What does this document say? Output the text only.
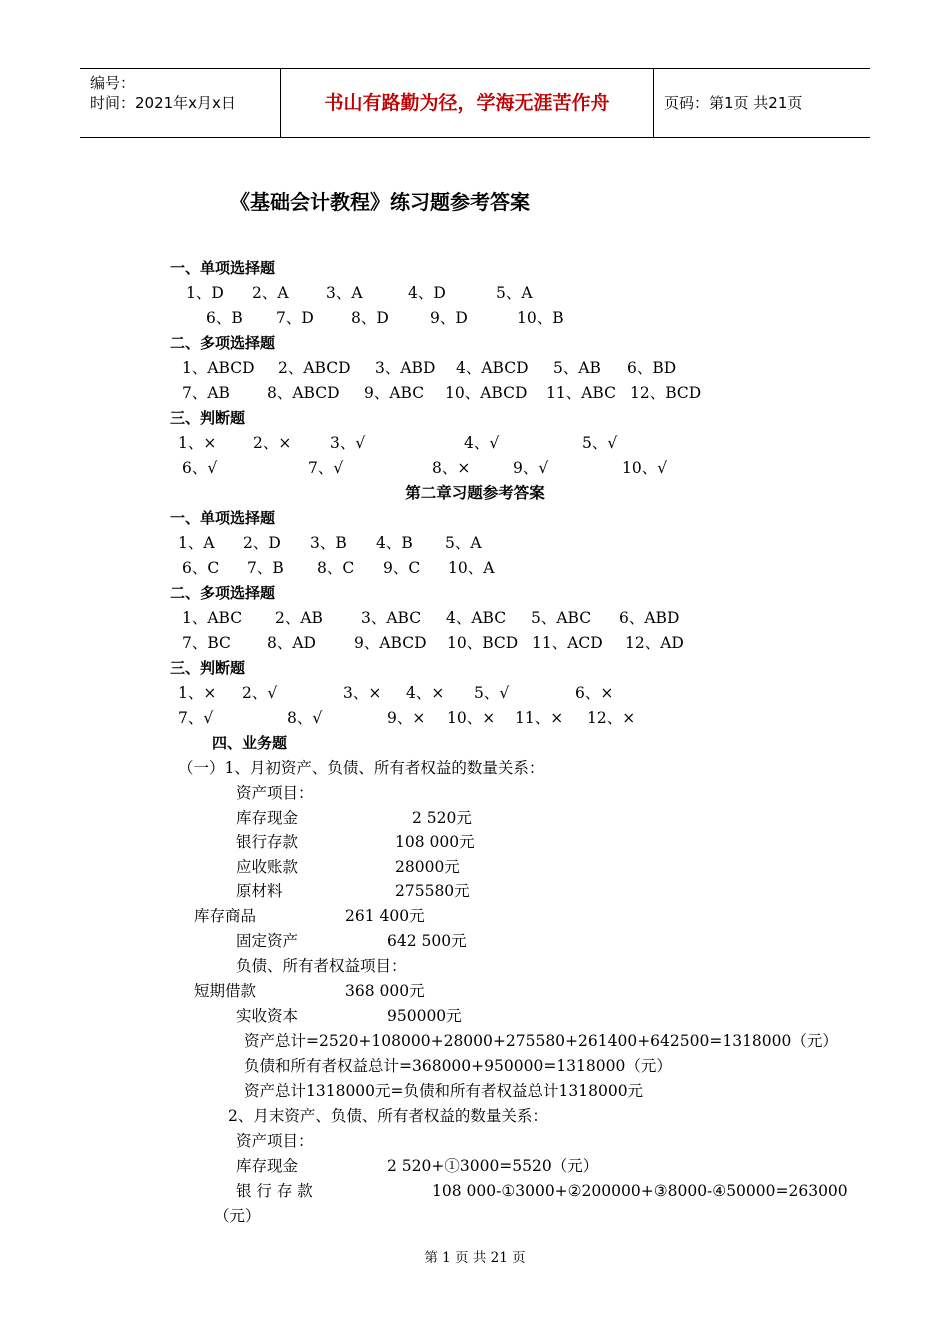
编号：
时间：2021年x月x日	书山有路勤为径，学海无涯苦作舟	页码：第1页 共21页
《基础会计教程》练习题参考答案
一、单项选择题
1、D 2、A 3、A	4、D	5、A
6、B 7、D 8、D	9、D	10、B
二、多项选择题
1、ABCD 2、ABCD 3、ABD 4、ABCD 5、AB 6、BD
7、AB 8、ABCD 9、ABC 10、ABCD 11、ABC 12、BCD
三、判断题
1、× 2、× 3、√	4、√	5、√
6、√	7、√	8、×	9、√	10、√
第二章习题参考答案
一、单项选择题
1、A 2、D 3、B 4、B 5、A
6、C 7、B 8、C 9、C 10、A
二、多项选择题
1、ABC 2、AB 3、ABC 4、ABC 5、ABC 6、ABD
7、BC 8、AD 9、ABCD 10、BCD 11、ACD 12、AD
三、判断题
1、× 2、√	3、× 4、× 5、√	6、×
7、√	8、√	9、× 10、× 11、× 12、×
四、业务题
（一）1、月初资产、负债、所有者权益的数量关系：
资产项目：
库存现金	2 520元
银行存款	108 000元
应收账款	28000元
原材料	275580元
库存商品	261 400元
固定资产	642 500元
负债、所有者权益项目：
短期借款	368 000元
实收资本	950000元
资产总计=2520+108000+28000+275580+261400+642500=1318000（元）
负债和所有者权益总计=368000+950000=1318000（元）
资产总计1318000元=负债和所有者权益总计1318000元
2、月末资产、负债、所有者权益的数量关系：
资产项目：
库存现金	2 520+①3000=5520（元）
银 行 存 款	108 000-①3000+②200000+③8000-④50000=263000
（元）
第 1 页 共 21 页
